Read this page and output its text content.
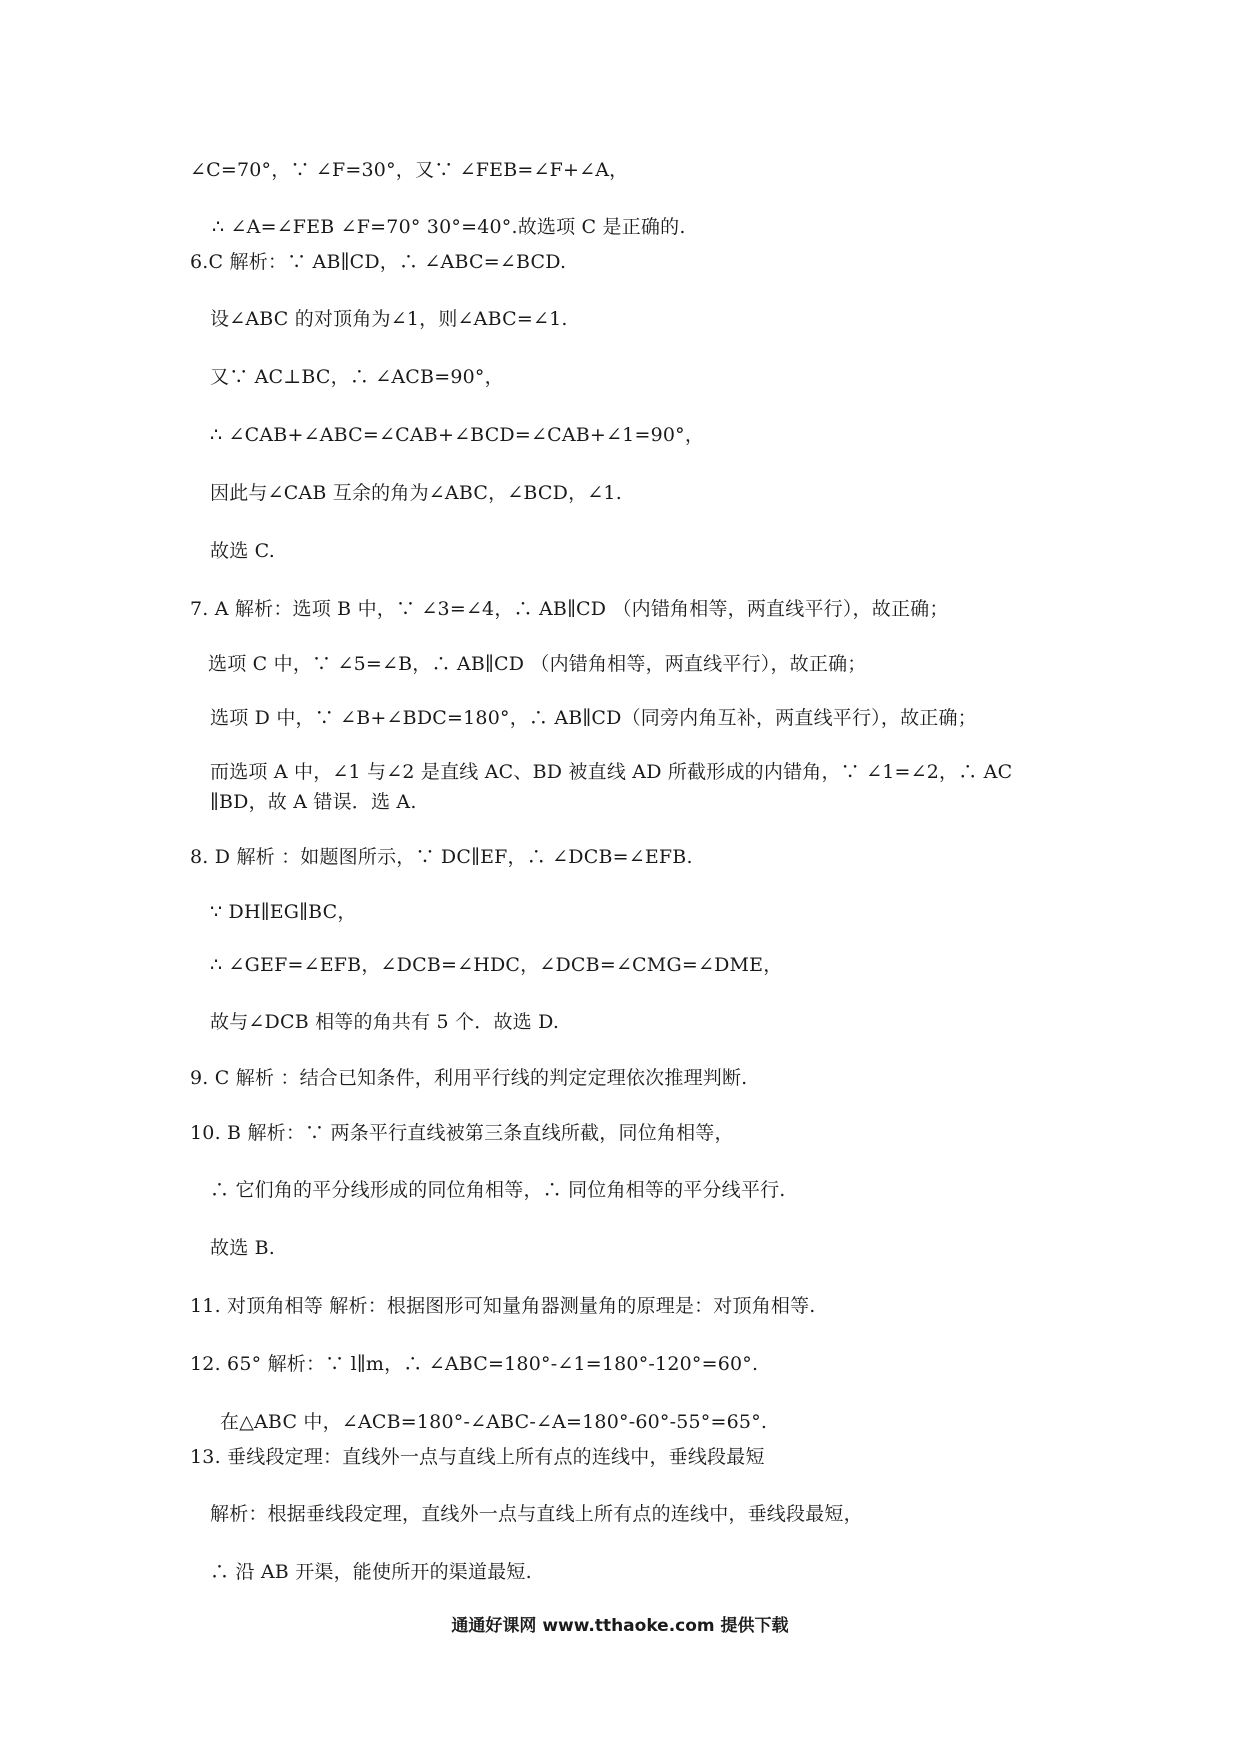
∠C=70°，∵ ∠F=30°，又∵ ∠FEB=∠F+∠A，
∴ ∠A=∠FEB ∠F=70° 30°=40°.故选项 C 是正确的.
6.C 解析：∵ AB∥CD，∴ ∠ABC=∠BCD.
设∠ABC 的对顶角为∠1，则∠ABC=∠1.
又∵ AC⊥BC，∴ ∠ACB=90°，
∴ ∠CAB+∠ABC=∠CAB+∠BCD=∠CAB+∠1=90°，
因此与∠CAB 互余的角为∠ABC，∠BCD，∠1.
故选 C.
7. A 解析：选项 B 中，∵ ∠3=∠4，∴ AB∥CD （内错角相等，两直线平行），故正确；
选项 C 中，∵ ∠5=∠B，∴ AB∥CD （内错角相等，两直线平行），故正确；
选项 D 中，∵ ∠B+∠BDC=180°，∴ AB∥CD（同旁内角互补，两直线平行），故正确；
而选项 A 中，∠1 与∠2 是直线 AC、BD 被直线 AD 所截形成的内错角，∵ ∠1=∠2，∴ AC
∥BD，故 A 错误．选 A.
8. D 解析 ：如题图所示，∵ DC∥EF，∴ ∠DCB=∠EFB.
∵ DH∥EG∥BC，
∴ ∠GEF=∠EFB，∠DCB=∠HDC，∠DCB=∠CMG=∠DME，
故与∠DCB 相等的角共有 5 个．故选 D.
9. C 解析 ：结合已知条件，利用平行线的判定定理依次推理判断.
10. B 解析：∵ 两条平行直线被第三条直线所截，同位角相等，
∴ 它们角的平分线形成的同位角相等，∴ 同位角相等的平分线平行.
故选 B.
11. 对顶角相等 解析：根据图形可知量角器测量角的原理是：对顶角相等.
12. 65° 解析：∵ l∥m，∴ ∠ABC=180°-∠1=180°-120°=60°.
在△ABC 中，∠ACB=180°-∠ABC-∠A=180°-60°-55°=65°.
13. 垂线段定理：直线外一点与直线上所有点的连线中，垂线段最短
解析：根据垂线段定理，直线外一点与直线上所有点的连线中，垂线段最短，
∴ 沿 AB 开渠，能使所开的渠道最短.
通通好课网 www.tthaoke.com 提供下载
